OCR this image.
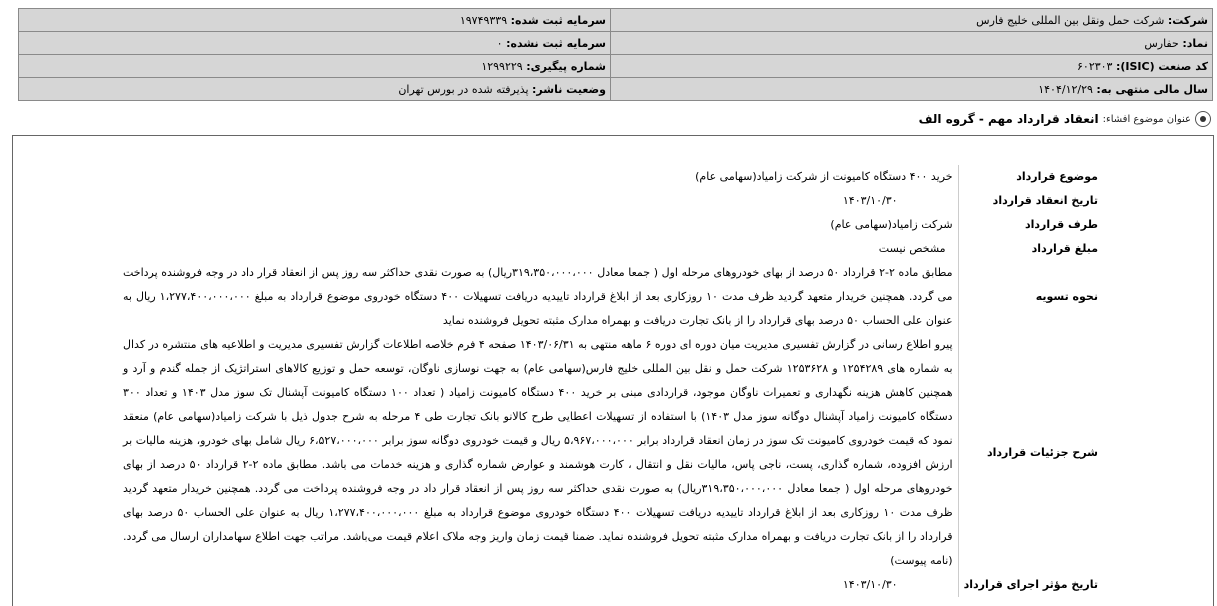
شرکت: شرکت حمل ونقل بین المللی خلیج فارس	سرمایه ثبت شده: ۱۹۷۴۹۳۳۹
نماد: حفارس	سرمایه ثبت نشده: ۰
کد صنعت (ISIC): ۶۰۲۳۰۳	شماره پیگیری: ۱۲۹۹۲۲۹
سال مالی منتهی به: ۱۴۰۴/۱۲/۲۹	وضعیت ناشر: پذیرفته شده در بورس تهران
عنوان موضوع افشاء:
انعقاد قرارداد مهم - گروه الف
موضوع قرارداد	خرید ۴۰۰ دستگاه کامیونت از شرکت زامیاد(سهامی عام)
تاریخ انعقاد قرارداد	۱۴۰۳/۱۰/۳۰
طرف قرارداد	شرکت زامیاد(سهامی عام)
مبلغ قرارداد	مشخص نیست
نحوه تسویه	مطابق ماده ۲-۲ قرارداد ۵۰ درصد از بهای خودروهای مرحله اول ( جمعا معادل ۳۱۹،۳۵۰،۰۰۰،۰۰۰ریال) به صورت نقدی حداکثر سه روز پس از انعقاد قرار داد در وجه فروشنده پرداخت می گردد. همچنین خریدار متعهد گردید ظرف مدت ۱۰ روزکاری بعد از ابلاغ قرارداد تاییدیه دریافت تسهیلات ۴۰۰ دستگاه خودروی موضوع قرارداد به مبلغ ۱،۲۷۷،۴۰۰،۰۰۰،۰۰۰ ریال به عنوان علی الحساب ۵۰ درصد بهای قرارداد را از بانک تجارت دریافت و بهمراه مدارک مثبته تحویل فروشنده نماید
شرح جزئیات قرارداد	پیرو اطلاع رسانی در گزارش تفسیری مدیریت میان دوره ای دوره ۶ ماهه منتهی به ۱۴۰۳/۰۶/۳۱ صفحه ۴ فرم خلاصه اطلاعات گزارش تفسیری مدیریت و اطلاعیه های منتشره در کدال به شماره های ۱۲۵۴۲۸۹ و ۱۲۵۳۶۲۸ شرکت حمل و نقل بین المللی خلیج فارس(سهامی عام) به جهت نوسازی ناوگان، توسعه حمل و توزیع کالاهای استراتژیک از جمله گندم و آرد و همچنین کاهش هزینه نگهداری و تعمیرات ناوگان موجود، قراردادی مبنی بر خرید ۴۰۰ دستگاه کامیونت زامیاد ( تعداد ۱۰۰ دستگاه کامیونت آپشنال تک سوز مدل ۱۴۰۳ و تعداد ۳۰۰ دستگاه کامیونت زامیاد آپشنال دوگانه سوز مدل ۱۴۰۳) با استفاده از تسهیلات اعطایی طرح کالانو بانک تجارت طی ۴ مرحله به شرح جدول ذیل با شرکت زامیاد(سهامی عام) منعقد نمود که قیمت خودروی کامیونت تک سوز در زمان انعقاد قرارداد برابر ۵،۹۶۷،۰۰۰،۰۰۰ ریال و قیمت خودروی دوگانه سوز برابر ۶،۵۲۷،۰۰۰،۰۰۰ ریال شامل بهای خودرو، هزینه مالیات بر ارزش افزوده، شماره گذاری، پست، ناجی پاس، مالیات نقل و انتقال ، کارت هوشمند و عوارض شماره گذاری و هزینه خدمات می باشد. مطابق ماده ۲-۲ قرارداد ۵۰ درصد از بهای خودروهای مرحله اول ( جمعا معادل ۳۱۹،۳۵۰،۰۰۰،۰۰۰ریال) به صورت نقدی حداکثر سه روز پس از انعقاد قرار داد در وجه فروشنده پرداخت می گردد. همچنین خریدار متعهد گردید ظرف مدت ۱۰ روزکاری بعد از ابلاغ قرارداد تاییدیه دریافت تسهیلات ۴۰۰ دستگاه خودروی موضوع قرارداد به مبلغ ۱،۲۷۷،۴۰۰،۰۰۰،۰۰۰ ریال به عنوان علی الحساب ۵۰ درصد بهای قرارداد را از بانک تجارت دریافت و بهمراه مدارک مثبته تحویل فروشنده نماید. ضمنا قیمت زمان واریز وجه ملاک اعلام قیمت می‌باشد. مراتب جهت اطلاع سهامداران ارسال می گردد.(نامه پیوست)
تاریخ مؤثر اجرای قرارداد	۱۴۰۳/۱۰/۳۰
